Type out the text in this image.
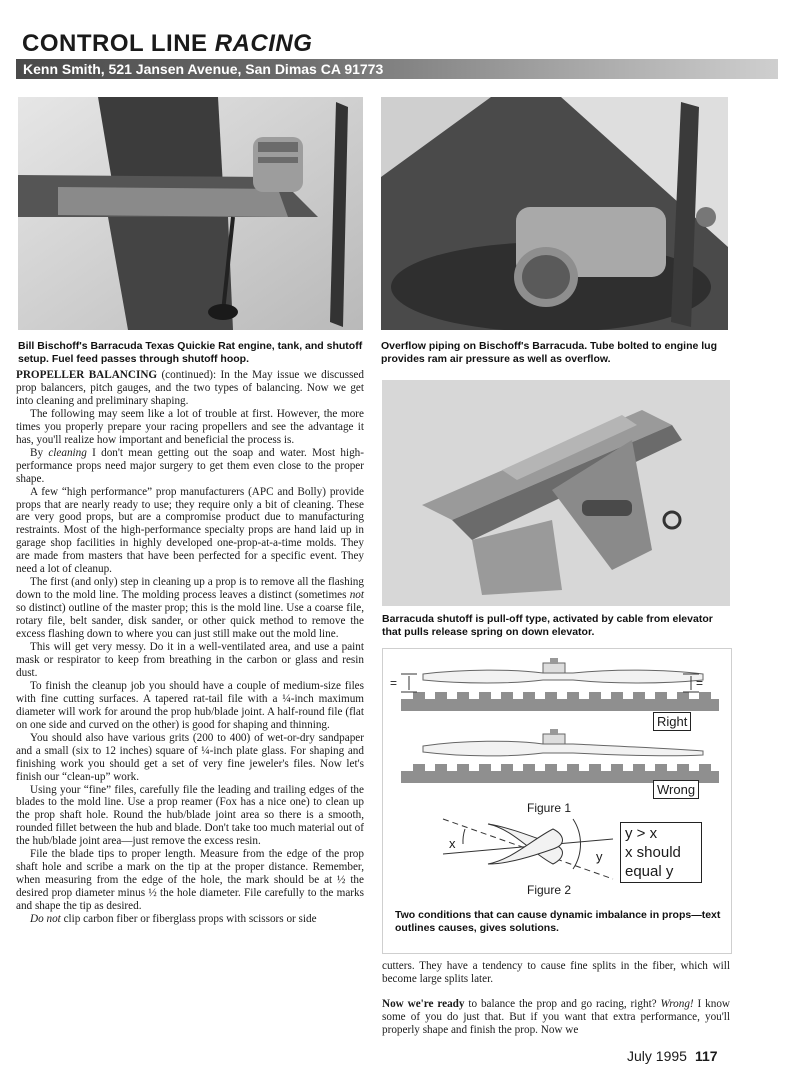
CONTROL LINE RACING
Kenn Smith, 521 Jansen Avenue, San Dimas CA 91773
Bill Bischoff's Barracuda Texas Quickie Rat engine, tank, and shutoff setup. Fuel feed passes through shutoff hoop.
Overflow piping on Bischoff's Barracuda. Tube bolted to engine lug provides ram air pressure as well as overflow.
Barracuda shutoff is pull-off type, activated by cable from elevator that pulls release spring on down elevator.
=	=
Right
Wrong
Figure 1
x
y
Figure 2
Two conditions that can cause dynamic imbalance in props—text outlines causes, gives solutions.
y > x
x should
equal y

PROPELLER BALANCING (continued): In the May issue we discussed prop balancers, pitch gauges, and the two types of balancing. Now we get into cleaning and preliminary shaping.

The following may seem like a lot of trouble at first. However, the more times you properly prepare your racing propellers and see the advantage it has, you'll realize how important and beneficial the process is.

By cleaning I don't mean getting out the soap and water. Most high-performance props need major surgery to get them even close to the proper shape.

A few “high performance” prop manufacturers (APC and Bolly) provide props that are nearly ready to use; they require only a bit of cleaning. These are very good props, but are a compromise product due to manufacturing restraints. Most of the high-performance specialty props are hand laid up in garage shop facilities in highly developed one-prop-at-a-time molds. They are made from masters that have been perfected for a specific event. They need a lot of cleanup.

The first (and only) step in cleaning up a prop is to remove all the flashing down to the mold line. The molding process leaves a distinct (sometimes not so distinct) outline of the master prop; this is the mold line. Use a coarse file, rotary file, belt sander, disk sander, or other quick method to remove the excess flashing down to where you can just still make out the mold line.

This will get very messy. Do it in a well-ventilated area, and use a paint mask or respirator to keep from breathing in the carbon or glass and resin dust.

To finish the cleanup job you should have a couple of medium-size files with fine cutting surfaces. A tapered rat-tail file with a ¼-inch maximum diameter will work for around the prop hub/blade joint. A half-round file (flat on one side and curved on the other) is good for shaping and thinning.

You should also have various grits (200 to 400) of wet-or-dry sandpaper and a small (six to 12 inches) square of ¼-inch plate glass. For shaping and finishing work you should get a set of very fine jeweler's files. Now let's finish our “clean-up” work.

Using your “fine” files, carefully file the leading and trailing edges of the blades to the mold line. Use a prop reamer (Fox has a nice one) to clean up the prop shaft hole. Round the hub/blade joint area so there is a smooth, rounded fillet between the hub and blade. Don't take too much material out of the hub/blade joint area—just remove the excess resin.

File the blade tips to proper length. Measure from the edge of the prop shaft hole and scribe a mark on the tip at the proper distance. Remember, when measuring from the edge of the hole, the mark should be at ½ the desired prop diameter minus ½ the hole diameter. File carefully to the marks and shape the tip as desired.

Do not clip carbon fiber or fiberglass props with scissors or side

cutters. They have a tendency to cause fine splits in the fiber, which will become large splits later.

Now we're ready to balance the prop and go racing, right? Wrong! I know some of you do just that. But if you want that extra performance, you'll properly shape and finish the prop. Now we

July 1995 117
